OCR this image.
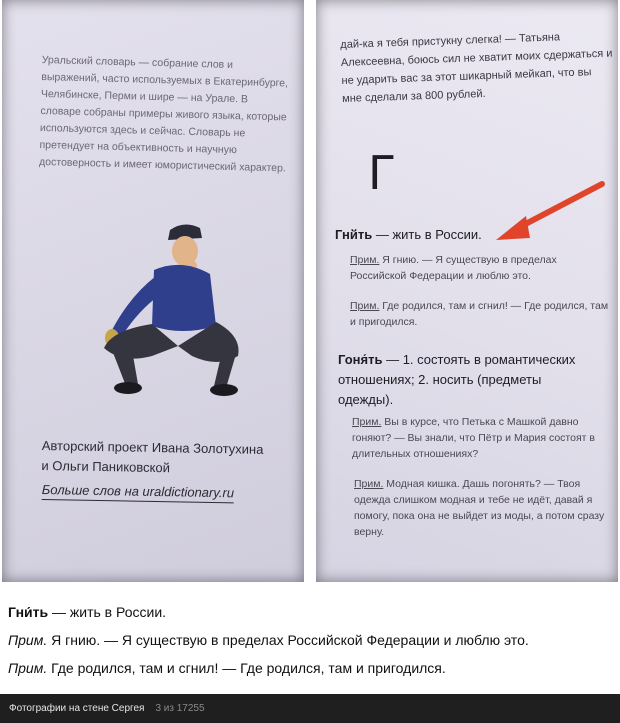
Уральский словарь — собрание слов и выражений, часто используемых в Екатеринбурге, Челябинске, Перми и шире — на Урале. В словаре собраны примеры живого языка, которые используются здесь и сейчас. Словарь не претендует на объективность и научную достоверность и имеет юмористический характер.
Авторский проект Ивана Золотухина
и Ольги Паниковской
Больше слов на uraldictionary.ru
дай-ка я тебя пристукну слегка! — Татьяна Алексеевна, боюсь сил не хватит моих сдержаться и не ударить вас за этот шикарный мейкап, что вы мне сделали за 800 рублей.
Г
Гнйть — жить в России.
Прим. Я гнию. — Я существую в пределах Российской Федерации и люблю это.
Прим. Где родился, там и сгнил! — Где родился, там и пригодился.
Гоня́ть — 1. состоять в романтических отношениях; 2. носить (предметы одежды).
Прим. Вы в курсе, что Петька с Машкой давно гоняют? — Вы знали, что Пётр и Мария состоят в длительных отношениях?
Прим. Модная кишка. Дашь погонять? — Твоя одежда слишком модная и тебе не идёт, давай я помогу, пока она не выйдет из моды, а потом сразу верну.

Гни́ть — жить в России.

Прим. Я гнию. — Я существую в пределах Российской Федерации и люблю это.

Прим. Где родился, там и сгнил! — Где родился, там и пригодился.

Фотографии на стене Сергея 3 из 17255
